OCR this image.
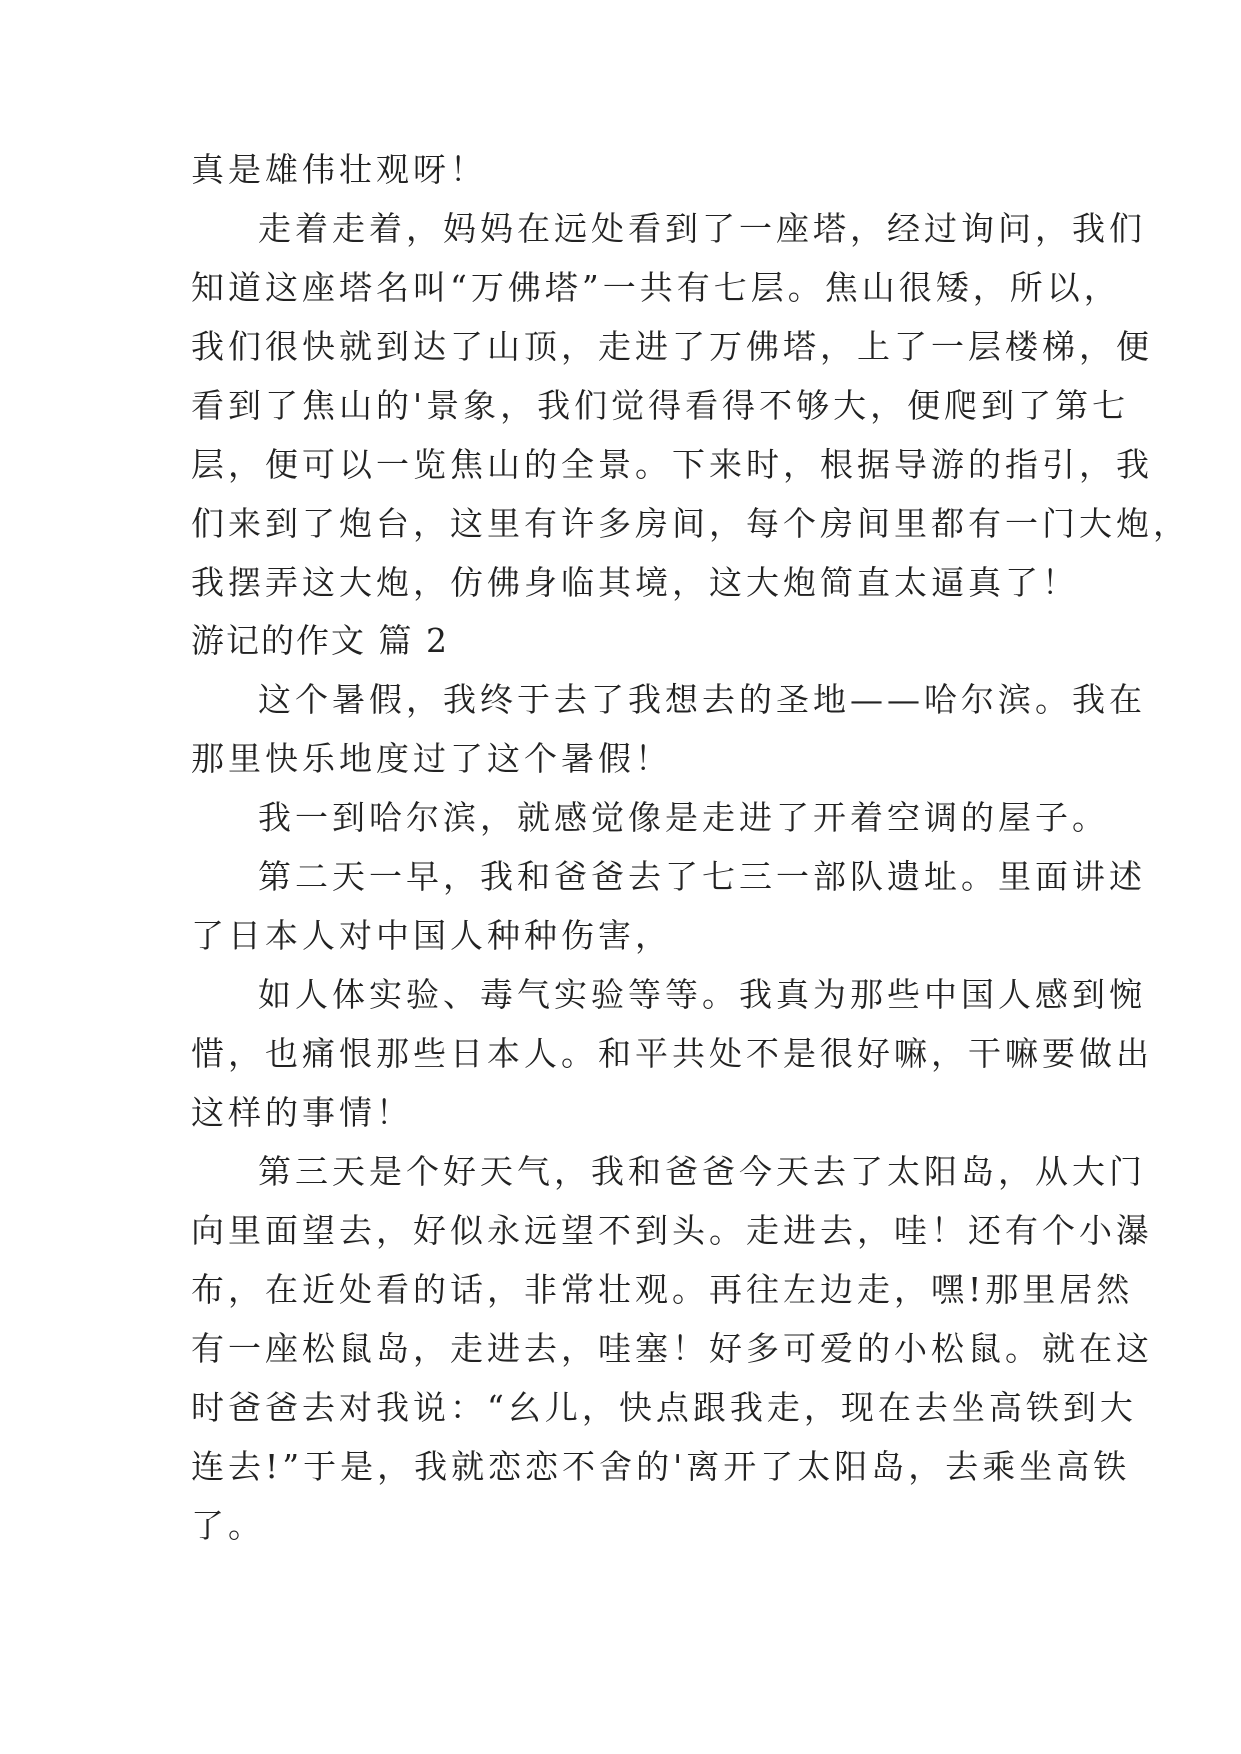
真是雄伟壮观呀！

走着走着，妈妈在远处看到了一座塔，经过询问，我们

知道这座塔名叫“万佛塔”一共有七层。焦山很矮，所以，

我们很快就到达了山顶，走进了万佛塔，上了一层楼梯，便

看到了焦山的'景象，我们觉得看得不够大，便爬到了第七

层，便可以一览焦山的全景。下来时，根据导游的指引，我

们来到了炮台，这里有许多房间，每个房间里都有一门大炮，

我摆弄这大炮，仿佛身临其境，这大炮简直太逼真了！

游记的作文 篇 2

这个暑假，我终于去了我想去的圣地——哈尔滨。我在

那里快乐地度过了这个暑假！

我一到哈尔滨，就感觉像是走进了开着空调的屋子。

第二天一早，我和爸爸去了七三一部队遗址。里面讲述

了日本人对中国人种种伤害，

如人体实验、毒气实验等等。我真为那些中国人感到惋

惜，也痛恨那些日本人。和平共处不是很好嘛，干嘛要做出

这样的事情！

第三天是个好天气，我和爸爸今天去了太阳岛，从大门

向里面望去，好似永远望不到头。走进去，哇！还有个小瀑

布，在近处看的话，非常壮观。再往左边走，嘿!那里居然

有一座松鼠岛，走进去，哇塞！好多可爱的小松鼠。就在这

时爸爸去对我说：“幺儿，快点跟我走，现在去坐高铁到大

连去!”于是，我就恋恋不舍的'离开了太阳岛，去乘坐高铁

了。
